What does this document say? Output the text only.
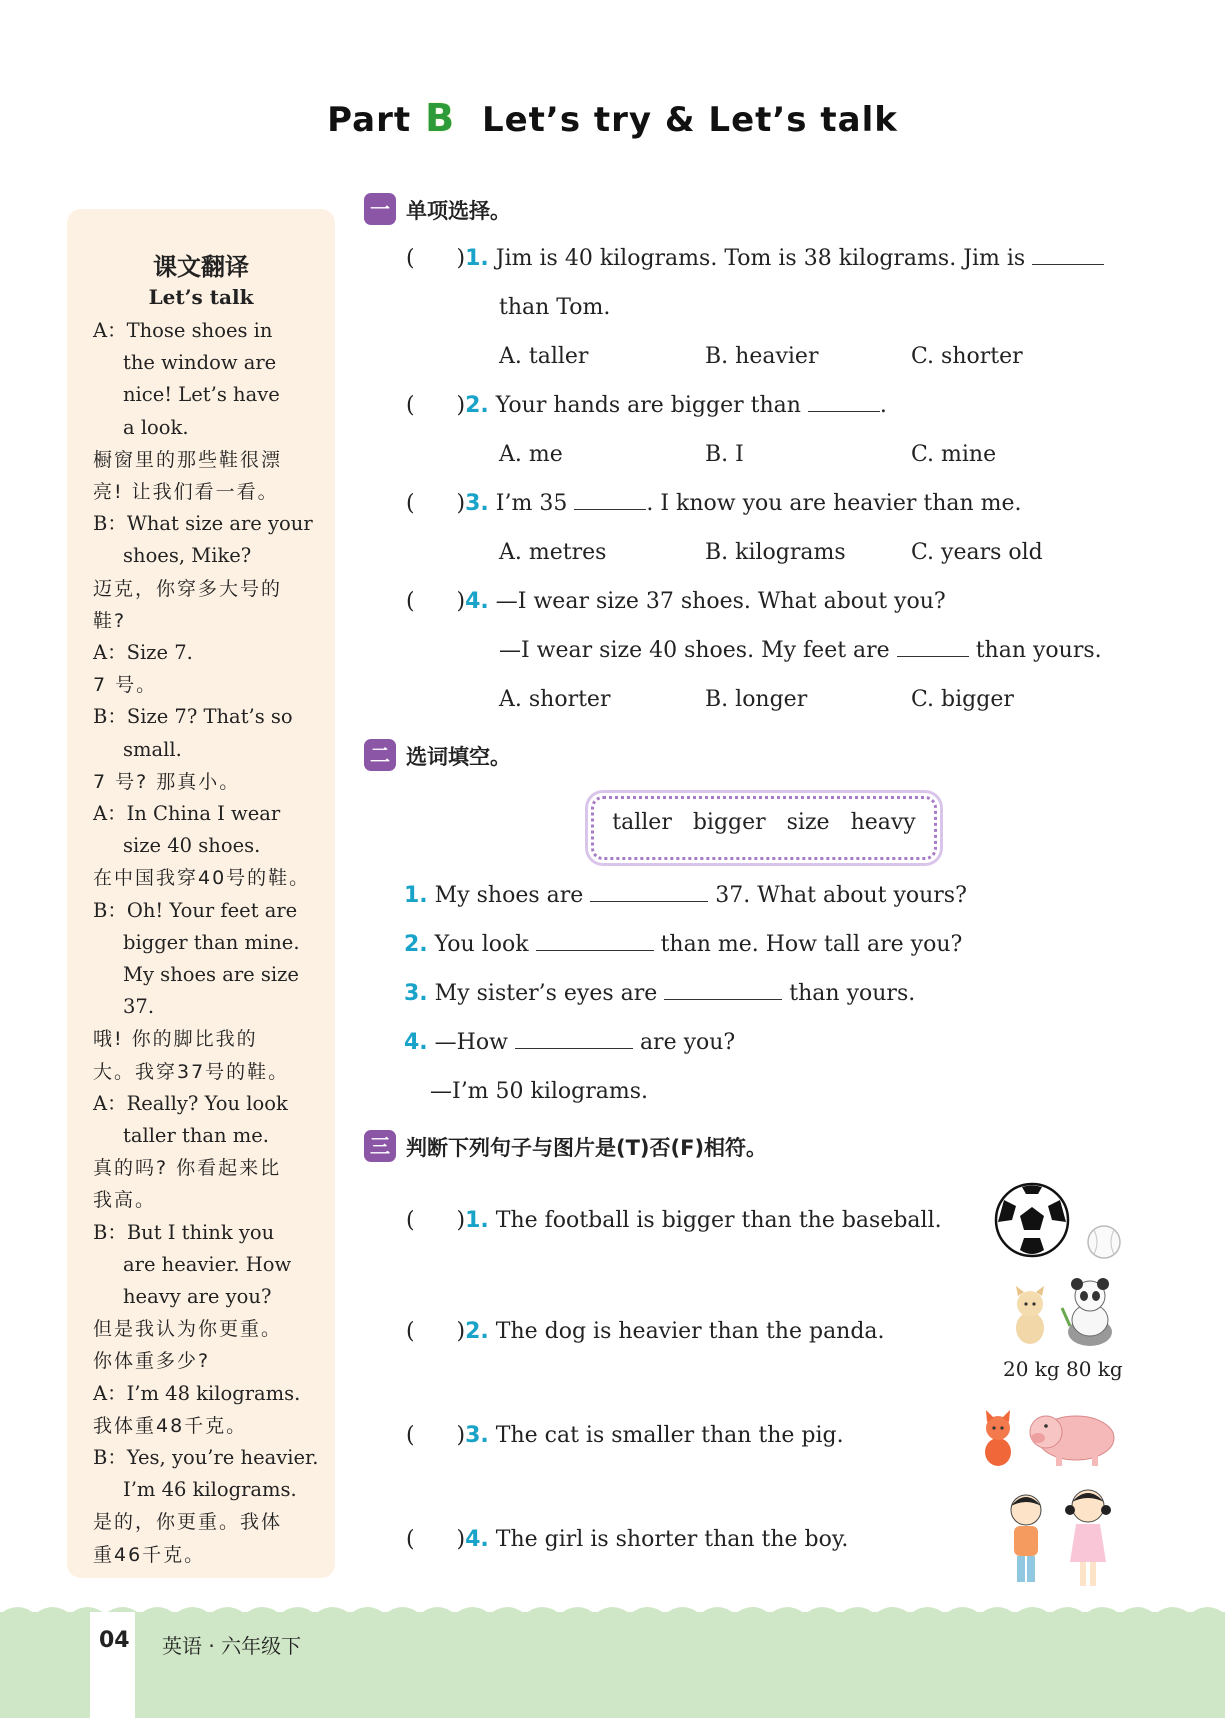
Part B Let’s try & Let’s talk
课文翻译
Let’s talk
A：Those shoes in
the window are
nice! Let’s have
a look.
橱窗里的那些鞋很漂
亮! 让我们看一看。
B：What size are your
shoes, Mike?
迈克，你穿多大号的
鞋?
A：Size 7.
7 号。
B：Size 7? That’s so
small.
7 号? 那真小。
A：In China I wear
size 40 shoes.
在中国我穿40号的鞋。
B：Oh! Your feet are
bigger than mine.
My shoes are size
37.
哦! 你的脚比我的
大。我穿37号的鞋。
A：Really? You look
taller than me.
真的吗? 你看起来比
我高。
B：But I think you
are heavier. How
heavy are you?
但是我认为你更重。
你体重多少?
A：I’m 48 kilograms.
我体重48千克。
B：Yes, you’re heavier.
I’m 46 kilograms.
是的，你更重。我体
重46千克。
一 单项选择。
(      )1. Jim is 40 kilograms. Tom is 38 kilograms. Jim is
than Tom.
A. taller	B. heavier	C. shorter
(      )2. Your hands are bigger than	.
A. me	B. I	C. mine
(      )3. I’m 35	. I know you are heavier than me.
A. metres	B. kilograms	C. years old
(      )4. —I wear size 37 shoes. What about you?
—I wear size 40 shoes. My feet are	than yours.
A. shorter	B. longer	C. bigger
二 选词填空。
taller bigger size heavy
1. My shoes are	37. What about yours?
2. You look	than me. How tall are you?
3. My sister’s eyes are	than yours.
4. —How	are you?
—I’m 50 kilograms.
三 判断下列句子与图片是(T)否(F)相符。
(      )1. The football is bigger than the baseball.
(      )2. The dog is heavier than the panda.
(      )3. The cat is smaller than the pig.
(      )4. The girl is shorter than the boy.
20 kg 80 kg
04 英语 · 六年级下
